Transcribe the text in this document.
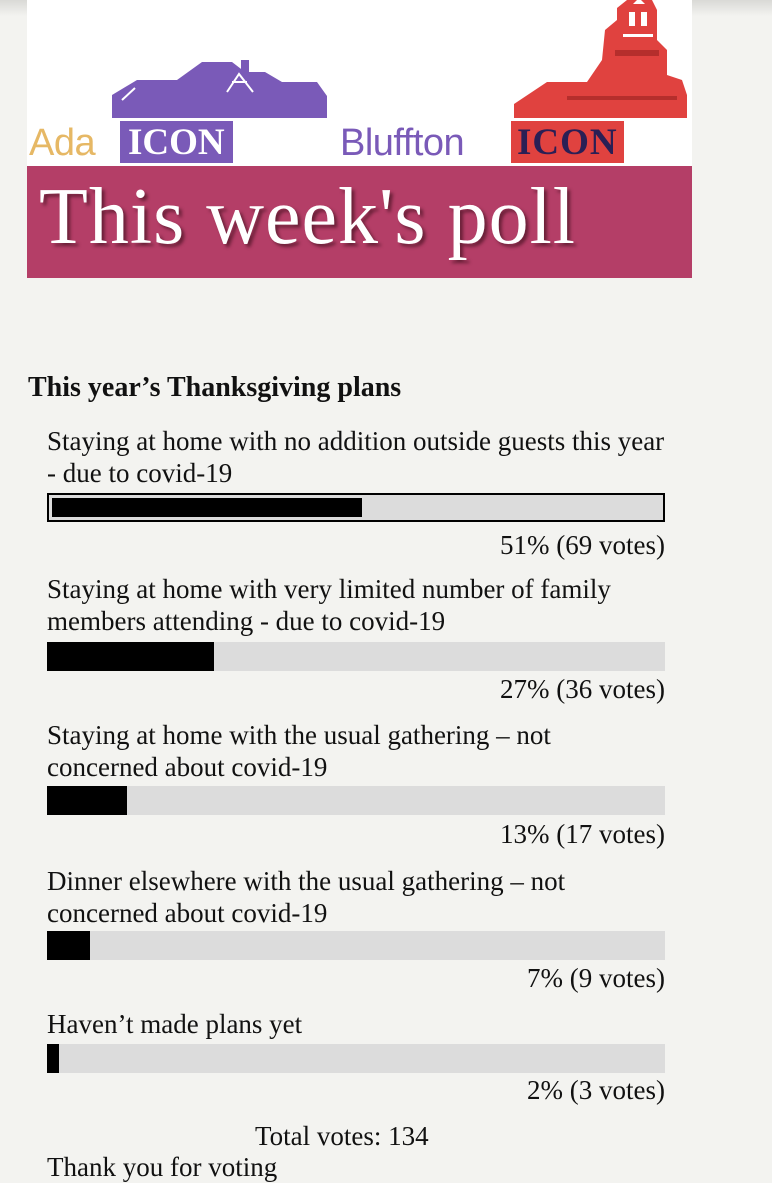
Ada ICON	Bluffton ICON
This week's poll
This year’s Thanksgiving plans
Staying at home with no addition outside guests this year - due to covid-19
51% (69 votes)
Staying at home with very limited number of family members attending - due to covid-19
27% (36 votes)
Staying at home with the usual gathering – not concerned about covid-19
13% (17 votes)
Dinner elsewhere with the usual gathering – not concerned about covid-19
7% (9 votes)
Haven’t made plans yet
2% (3 votes)
Total votes: 134
Thank you for voting
